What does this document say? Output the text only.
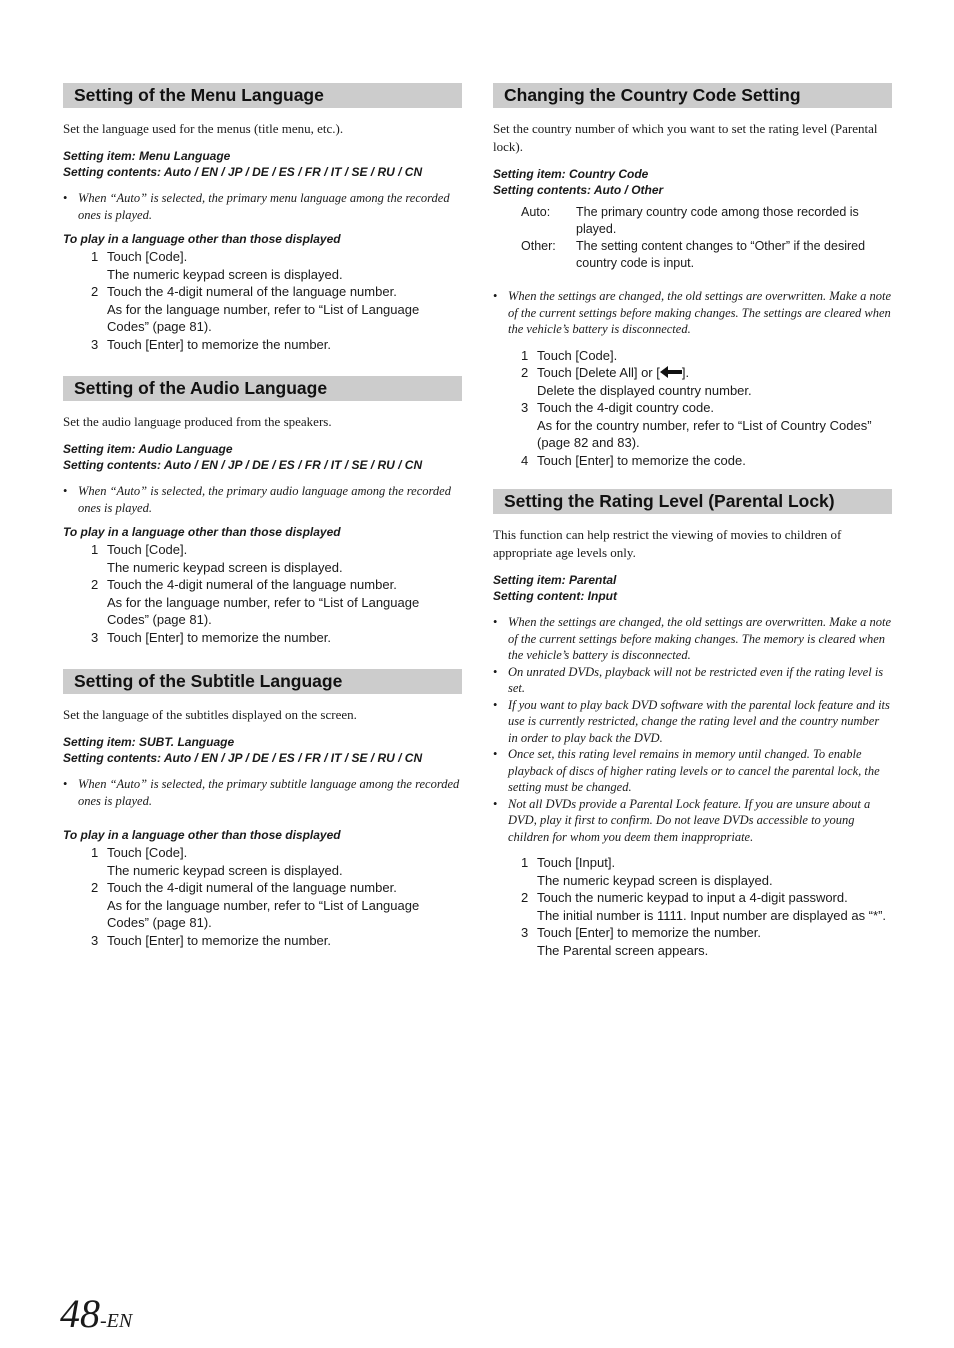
Setting of the Menu Language

Set the language used for the menus (title menu, etc.).

Setting item: Menu Language

Setting contents: Auto / EN / JP / DE / ES / FR / IT / SE / RU / CN

• When “Auto” is selected, the primary menu language among the recorded ones is played.

To play in a language other than those displayed

1 Touch [Code].
The numeric keypad screen is displayed.
2 Touch the 4-digit numeral of the language number.
As for the language number, refer to “List of Language Codes” (page 81).
3 Touch [Enter] to memorize the number.
Setting of the Audio Language

Set the audio language produced from the speakers.

Setting item: Audio Language

Setting contents: Auto / EN / JP / DE / ES / FR / IT / SE / RU / CN

• When “Auto” is selected, the primary audio language among the recorded ones is played.

To play in a language other than those displayed

1 Touch [Code].
The numeric keypad screen is displayed.
2 Touch the 4-digit numeral of the language number.
As for the language number, refer to “List of Language Codes” (page 81).
3 Touch [Enter] to memorize the number.
Setting of the Subtitle Language

Set the language of the subtitles displayed on the screen.

Setting item: SUBT. Language

Setting contents: Auto / EN / JP / DE / ES / FR / IT / SE / RU / CN

• When “Auto” is selected, the primary subtitle language among the recorded ones is played.

To play in a language other than those displayed

1 Touch [Code].
The numeric keypad screen is displayed.
2 Touch the 4-digit numeral of the language number.
As for the language number, refer to “List of Language Codes” (page 81).
3 Touch [Enter] to memorize the number.
Changing the Country Code Setting

Set the country number of which you want to set the rating level (Parental lock).

Setting item: Country Code

Setting contents: Auto / Other

Auto:	The primary country code among those recorded is played.
Other:	The setting content changes to “Other” if the desired country code is input.
• When the settings are changed, the old settings are overwritten. Make a note of the current settings before making changes. The settings are cleared when the vehicle’s battery is disconnected.
1 Touch [Code].
2 Touch [Delete All] or [ ].
Delete the displayed country number.
3 Touch the 4-digit country code.
As for the country number, refer to “List of Country Codes” (page 82 and 83).
4 Touch [Enter] to memorize the code.
Setting the Rating Level (Parental Lock)

This function can help restrict the viewing of movies to children of appropriate age levels only.

Setting item: Parental

Setting content: Input

• When the settings are changed, the old settings are overwritten. Make a note of the current settings before making changes. The memory is cleared when the vehicle’s battery is disconnected.
• On unrated DVDs, playback will not be restricted even if the rating level is set.
• If you want to play back DVD software with the parental lock feature and its use is currently restricted, change the rating level and the country number in order to play back the DVD.
• Once set, this rating level remains in memory until changed. To enable playback of discs of higher rating levels or to cancel the parental lock, the setting must be changed.
• Not all DVDs provide a Parental Lock feature. If you are unsure about a DVD, play it first to confirm. Do not leave DVDs accessible to young children for whom you deem them inappropriate.
1 Touch [Input].
The numeric keypad screen is displayed.
2 Touch the numeric keypad to input a 4-digit password.
The initial number is 1111. Input number are displayed as “*”.
3 Touch [Enter] to memorize the number.
The Parental screen appears.
48-EN
